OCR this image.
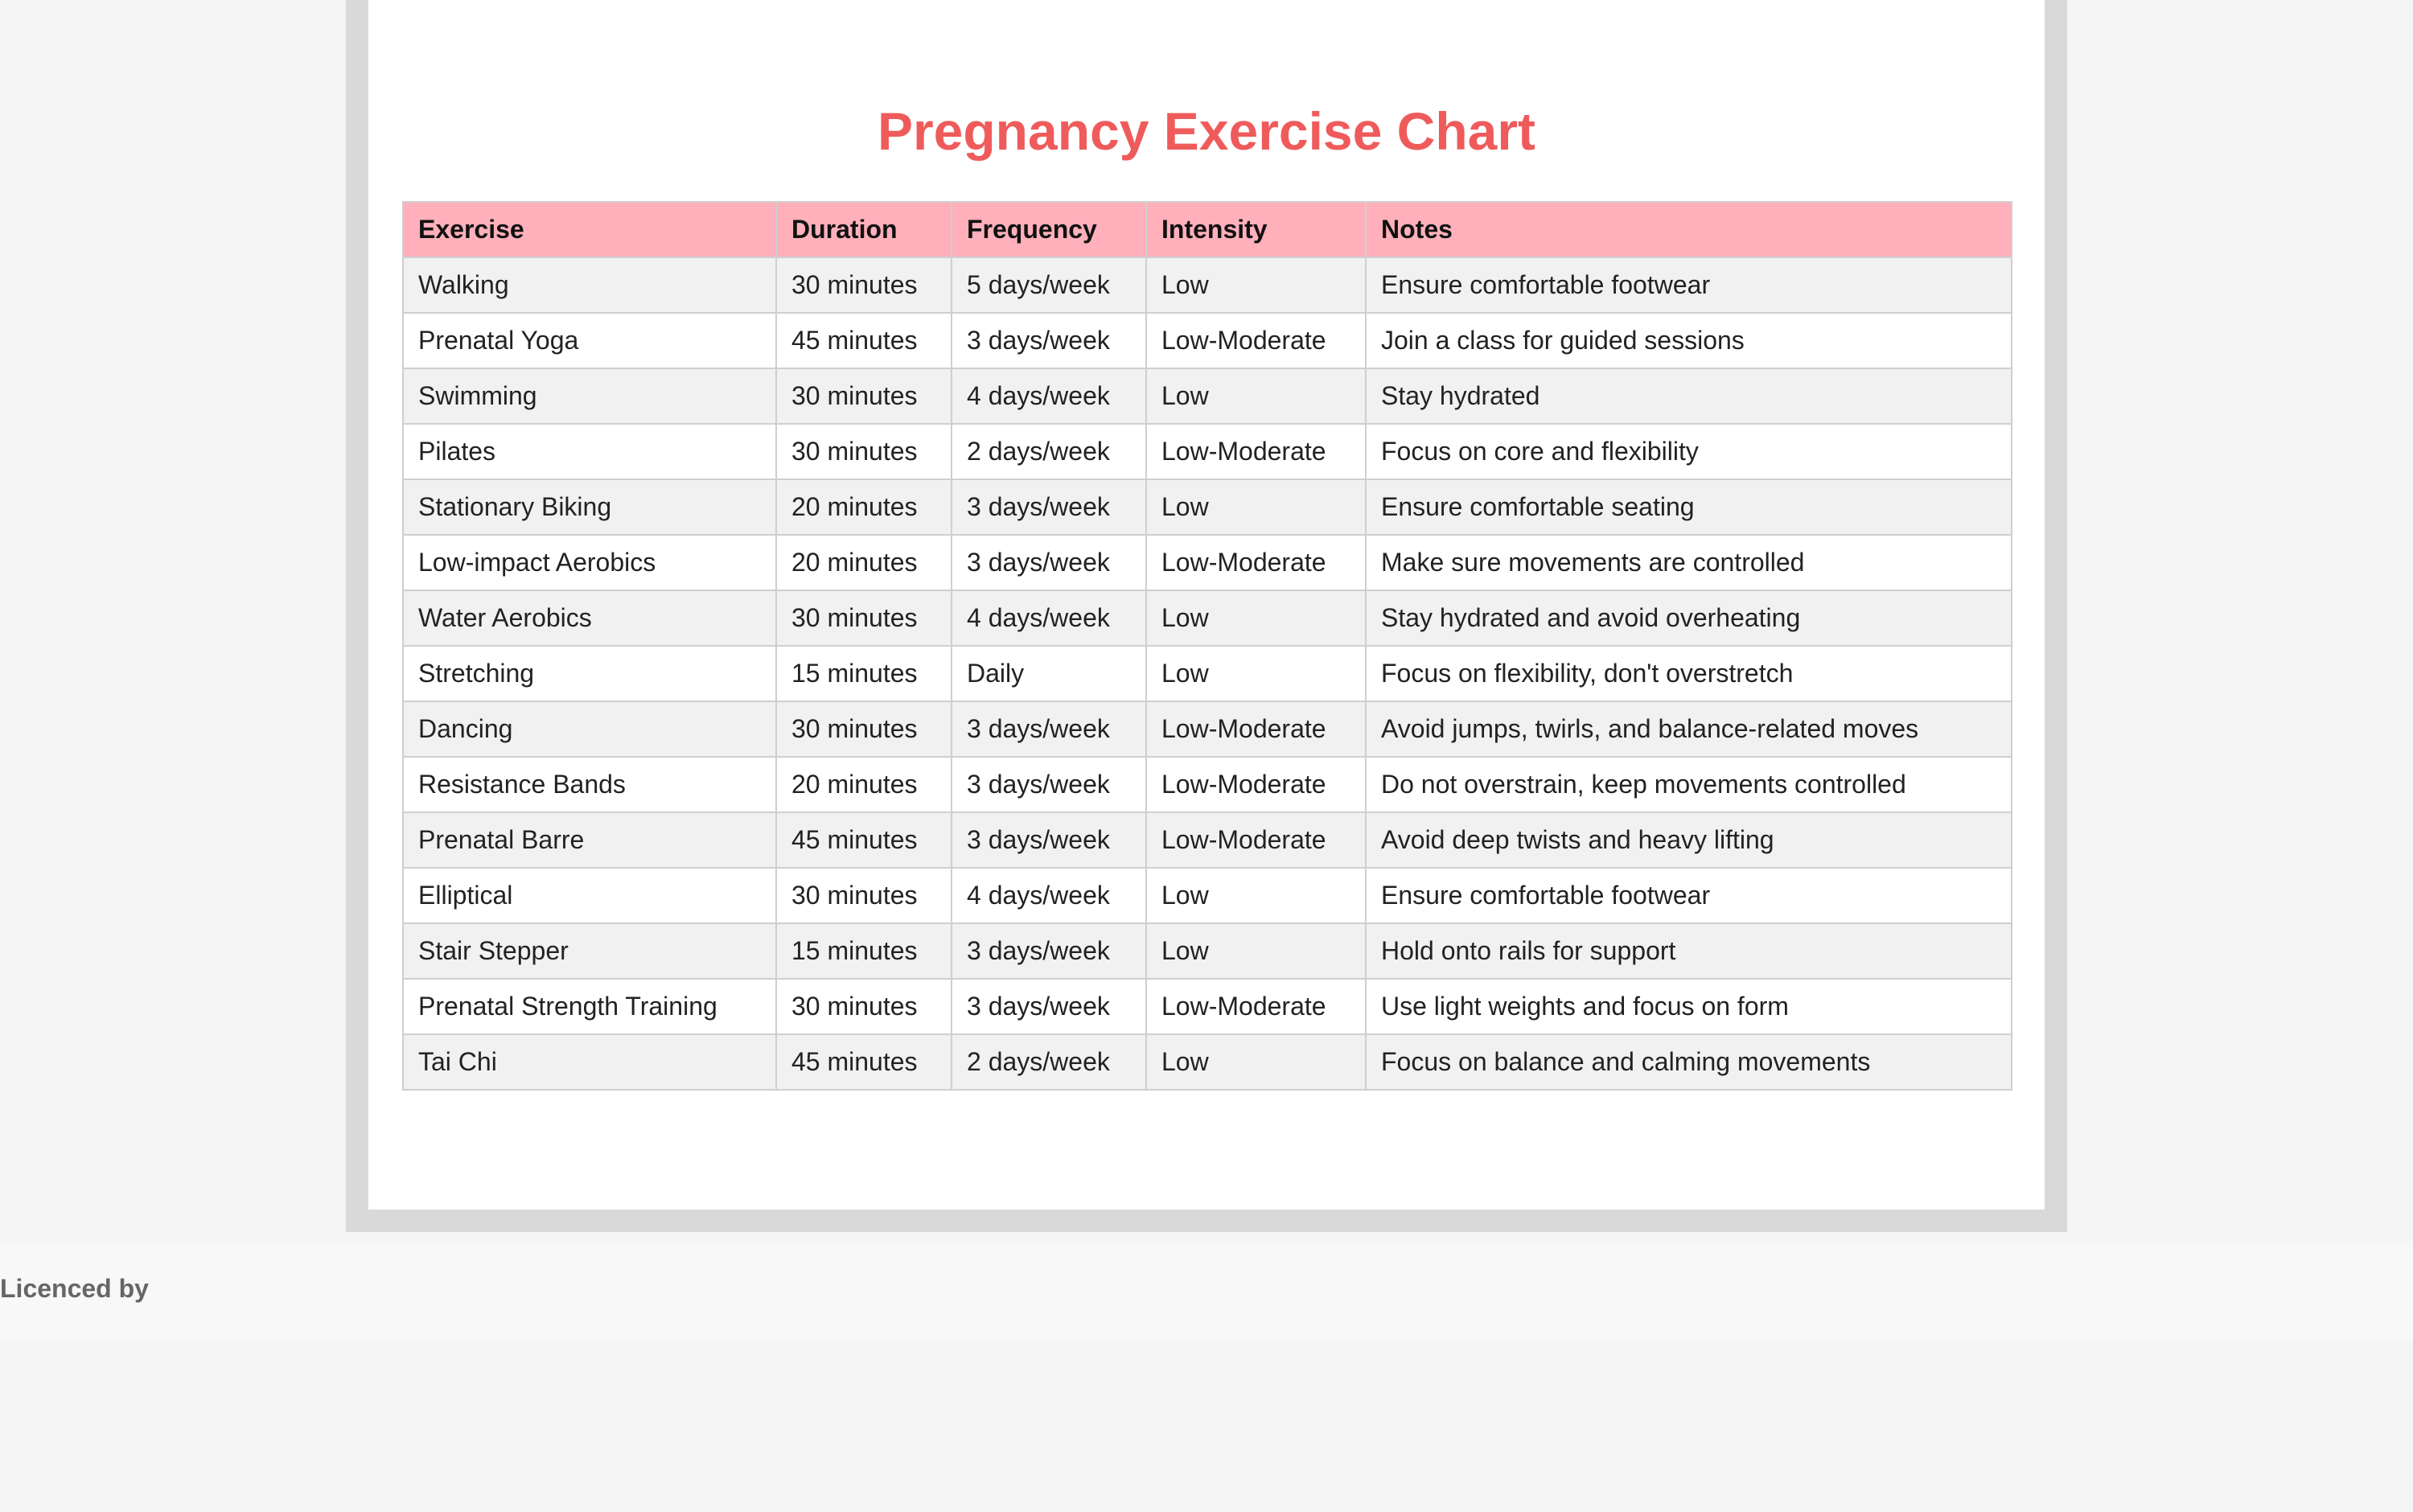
Pregnancy Exercise Chart
Exercise	Duration	Frequency	Intensity	Notes
Walking	30 minutes	5 days/week	Low	Ensure comfortable footwear
Prenatal Yoga	45 minutes	3 days/week	Low-Moderate	Join a class for guided sessions
Swimming	30 minutes	4 days/week	Low	Stay hydrated
Pilates	30 minutes	2 days/week	Low-Moderate	Focus on core and flexibility
Stationary Biking	20 minutes	3 days/week	Low	Ensure comfortable seating
Low-impact Aerobics	20 minutes	3 days/week	Low-Moderate	Make sure movements are controlled
Water Aerobics	30 minutes	4 days/week	Low	Stay hydrated and avoid overheating
Stretching	15 minutes	Daily	Low	Focus on flexibility, don't overstretch
Dancing	30 minutes	3 days/week	Low-Moderate	Avoid jumps, twirls, and balance-related moves
Resistance Bands	20 minutes	3 days/week	Low-Moderate	Do not overstrain, keep movements controlled
Prenatal Barre	45 minutes	3 days/week	Low-Moderate	Avoid deep twists and heavy lifting
Elliptical	30 minutes	4 days/week	Low	Ensure comfortable footwear
Stair Stepper	15 minutes	3 days/week	Low	Hold onto rails for support
Prenatal Strength Training	30 minutes	3 days/week	Low-Moderate	Use light weights and focus on form
Tai Chi	45 minutes	2 days/week	Low	Focus on balance and calming movements

Licenced by
